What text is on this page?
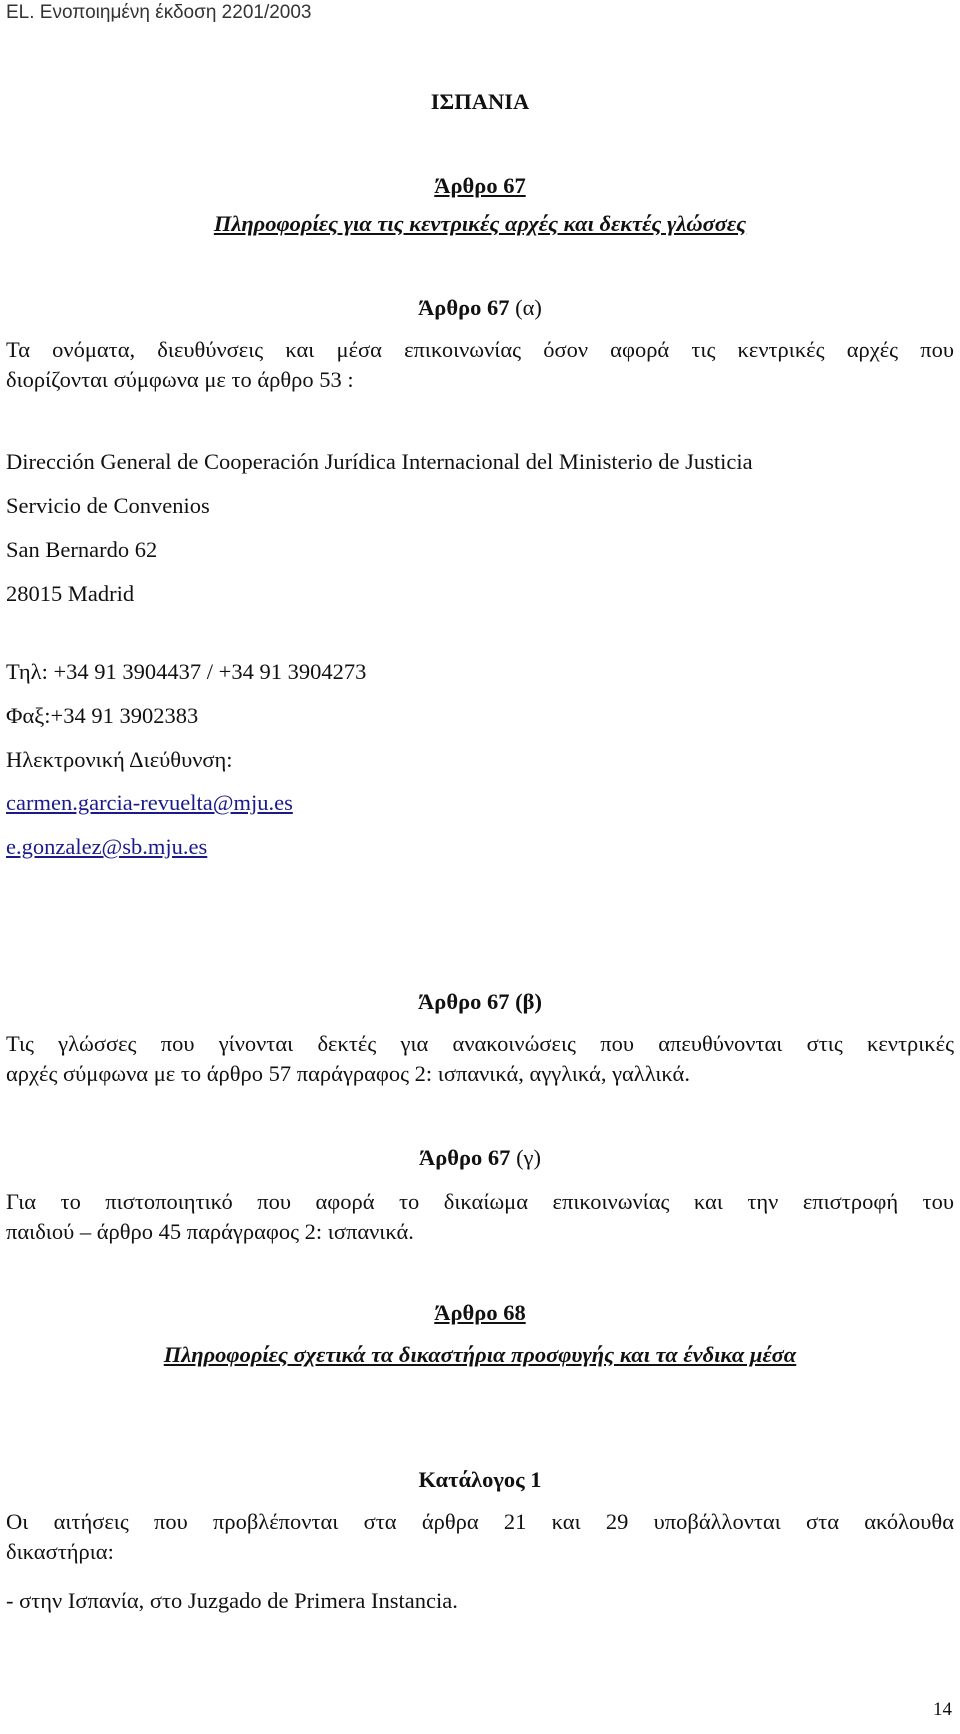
EL. Ενοποιημένη έκδοση 2201/2003
ΙΣΠΑΝΙΑ
Άρθρο 67
Πληροφορίες για τις κεντρικές αρχές και δεκτές γλώσσες
Άρθρο 67 (α)
Τα ονόματα, διευθύνσεις και μέσα επικοινωνίας όσον αφορά τις κεντρικές αρχές που
διορίζονται σύμφωνα με το άρθρο 53 :
Dirección General de Cooperación Jurídica Internacional del Ministerio de Justicia
Servicio de Convenios
San Bernardo 62
28015 Madrid
Τηλ: +34 91 3904437 / +34 91 3904273
Φαξ:+34 91 3902383
Ηλεκτρονική Διεύθυνση:
carmen.garcia-revuelta@mju.es
e.gonzalez@sb.mju.es
Άρθρο 67 (β)
Τις γλώσσες που γίνονται δεκτές για ανακοινώσεις που απευθύνονται στις κεντρικές
αρχές σύμφωνα με το άρθρο 57 παράγραφος 2: ισπανικά, αγγλικά, γαλλικά.
Άρθρο 67 (γ)
Για το πιστοποιητικό που αφορά το δικαίωμα επικοινωνίας και την επιστροφή του
παιδιού – άρθρο 45 παράγραφος 2: ισπανικά.
Άρθρο 68
Πληροφορίες σχετικά τα δικαστήρια προσφυγής και τα ένδικα μέσα
Κατάλογος 1
Οι αιτήσεις που προβλέπονται στα άρθρα 21 και 29 υποβάλλονται στα ακόλουθα
δικαστήρια:
- στην Ισπανία, στο Juzgado de Primera Instancia.
14
